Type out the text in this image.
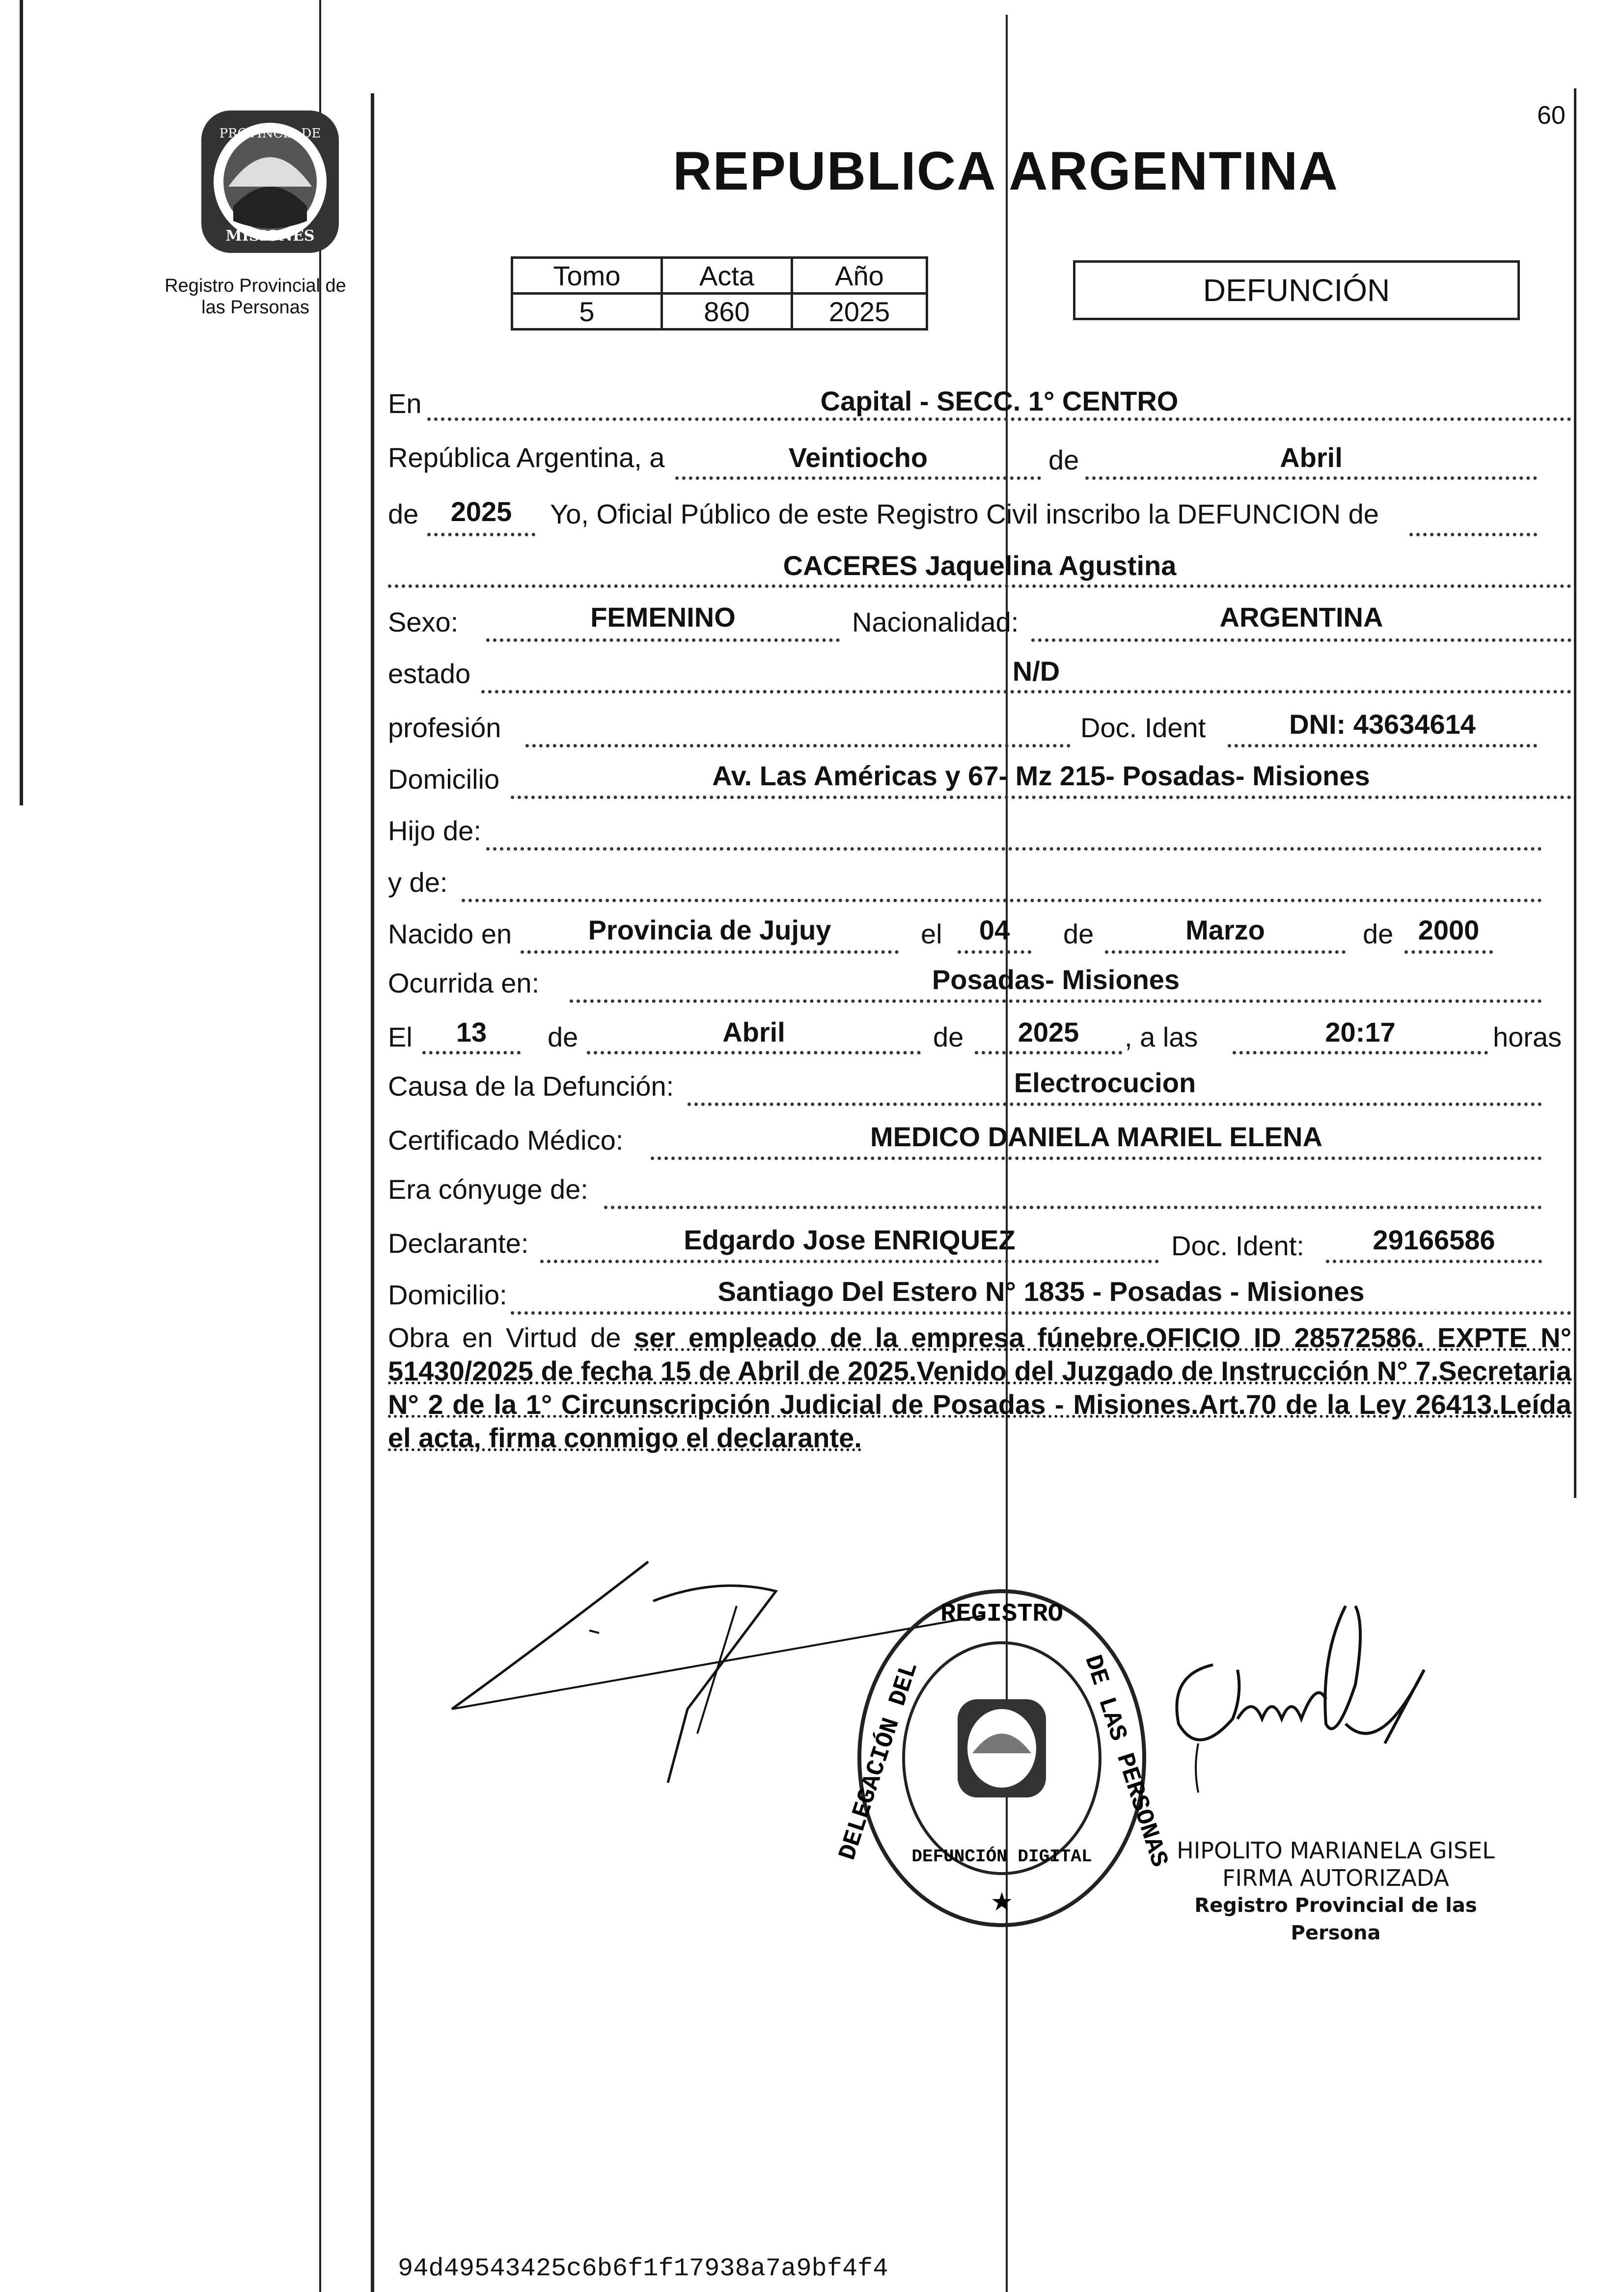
60
PROVINCIA DE
MISIONES
Registro Provincial de
las Personas
REPUBLICA ARGENTINA
Tomo	Acta	Año
5	860	2025
DEFUNCIÓN
En	Capital - SECC. 1° CENTRO
República Argentina, a	Veintiocho	de	Abril
de	2025	Yo, Oficial Público de este Registro Civil inscribo la DEFUNCION de
CACERES Jaquelina Agustina
Sexo:	FEMENINO	Nacionalidad:	ARGENTINA
estado	N/D
profesión	Doc. Ident	DNI: 43634614
Domicilio	Av. Las Américas y 67- Mz 215- Posadas- Misiones
Hijo de:
y de:
Nacido en	Provincia de Jujuy	el	04	de	Marzo	de 2000
Ocurrida en:	Posadas- Misiones
El	13	de	Abril	de	2025	, a las	20:17	horas
Causa de la Defunción:	Electrocucion
Certificado Médico:	MEDICO DANIELA MARIEL ELENA
Era cónyuge de:
Declarante:	Edgardo Jose ENRIQUEZ	Doc. Ident:	29166586
Domicilio:	Santiago Del Estero N° 1835 - Posadas - Misiones
Obra en Virtud de ser empleado de la empresa fúnebre.OFICIO ID 28572586. EXPTE N° 51430/2025 de fecha 15 de Abril de 2025.Venido del Juzgado de Instrucción N° 7.Secretaria N° 2 de la 1° Circunscripción Judicial de Posadas - Misiones.Art.70 de la Ley 26413.Leída el acta, firma conmigo el declarante.
REGISTRO
DELEGACIÓN DEL	DE LAS PERSONAS
DEFUNCIÓN DIGITAL
★
HIPOLITO MARIANELA GISEL
FIRMA AUTORIZADA
Registro Provincial de las Persona
94d49543425c6b6f1f17938a7a9bf4f4
